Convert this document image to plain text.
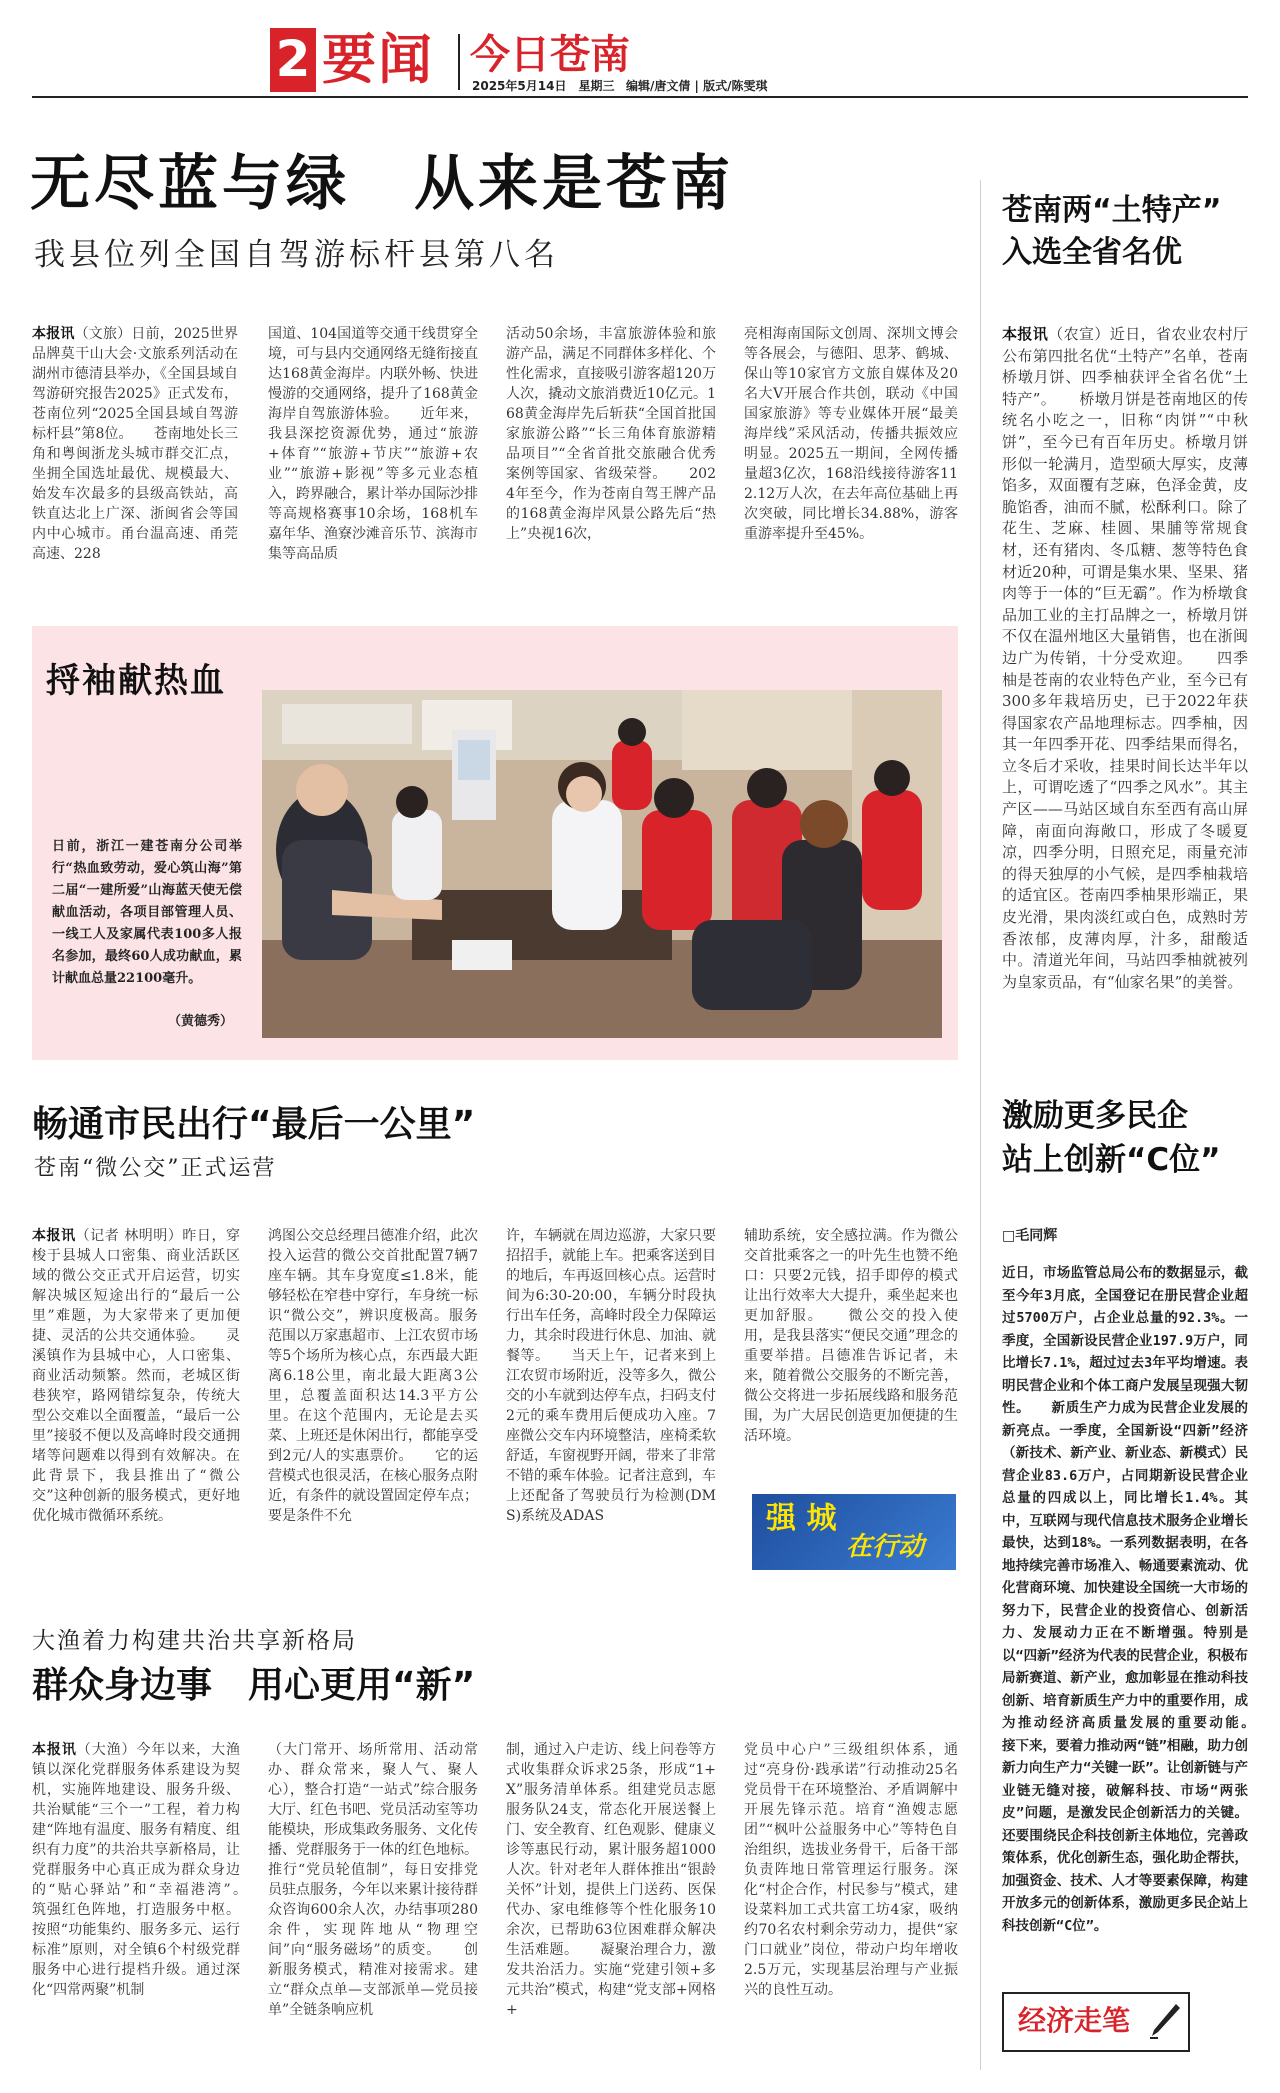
2 要闻 今日苍南
2025年5月14日　星期三 编辑/唐文倩 | 版式/陈雯琪
无尽蓝与绿　从来是苍南
我县位列全国自驾游标杆县第八名
本报讯（文旅）日前，2025世界品牌莫干山大会·文旅系列活动在湖州市德清县举办，《全国县域自驾游研究报告2025》正式发布，苍南位列“2025全国县域自驾游标杆县”第8位。　　苍南地处长三角和粤闽浙龙头城市群交汇点，坐拥全国选址最优、规模最大、始发车次最多的县级高铁站，高铁直达北上广深、浙闽省会等国内中心城市。甬台温高速、甬莞高速、228
国道、104国道等交通干线贯穿全境，可与县内交通网络无缝衔接直达168黄金海岸。内联外畅、快进慢游的交通网络，提升了168黄金海岸自驾旅游体验。　　近年来，我县深挖资源优势，通过“旅游+体育”“旅游+节庆”“旅游+农业”“旅游+影视”等多元业态植入，跨界融合，累计举办国际沙排等高规格赛事10余场，168机车嘉年华、渔寮沙滩音乐节、滨海市集等高品质
活动50余场，丰富旅游体验和旅游产品，满足不同群体多样化、个性化需求，直接吸引游客超120万人次，撬动文旅消费近10亿元。168黄金海岸先后斩获“全国首批国家旅游公路”“长三角体育旅游精品项目”“全省首批交旅融合优秀案例等国家、省级荣誉。　　2024年至今，作为苍南自驾王牌产品的168黄金海岸风景公路先后“热上”央视16次，
亮相海南国际文创周、深圳文博会等各展会，与德阳、思茅、鹤城、保山等10家官方文旅自媒体及20名大V开展合作共创，联动《中国国家旅游》等专业媒体开展“最美海岸线”采风活动，传播共振效应明显。2025五一期间，全网传播量超3亿次，168沿线接待游客112.12万人次，在去年高位基础上再次突破，同比增长34.88%，游客重游率提升至45%。
捋袖献热血
日前，浙江一建苍南分公司举行“热血致劳动，爱心筑山海”第二届“一建所爱”山海蓝天使无偿献血活动，各项目部管理人员、一线工人及家属代表100多人报名参加，最终60人成功献血，累计献血总量22100毫升。
（黄德秀）
苍南两“土特产”
入选全省名优
本报讯（农宣）近日，省农业农村厅公布第四批名优“土特产”名单，苍南桥墩月饼、四季柚获评全省名优“土特产”。　　桥墩月饼是苍南地区的传统名小吃之一，旧称“肉饼”“中秋饼”，至今已有百年历史。桥墩月饼形似一轮满月，造型硕大厚实，皮薄馅多，双面覆有芝麻，色泽金黄，皮脆馅香，油而不腻，松酥利口。除了花生、芝麻、桂圆、果脯等常规食材，还有猪肉、冬瓜糖、葱等特色食材近20种，可谓是集水果、坚果、猪肉等于一体的“巨无霸”。作为桥墩食品加工业的主打品牌之一，桥墩月饼不仅在温州地区大量销售，也在浙闽边广为传销，十分受欢迎。　　四季柚是苍南的农业特色产业，至今已有300多年栽培历史，已于2022年获得国家农产品地理标志。四季柚，因其一年四季开花、四季结果而得名，立冬后才采收，挂果时间长达半年以上，可谓吃透了“四季之风水”。其主产区——马站区域自东至西有高山屏障，南面向海敞口，形成了冬暖夏凉，四季分明，日照充足，雨量充沛的得天独厚的小气候，是四季柚栽培的适宜区。苍南四季柚果形端正，果皮光滑，果肉淡红或白色，成熟时芳香浓郁，皮薄肉厚，汁多，甜酸适中。清道光年间，马站四季柚就被列为皇家贡品，有“仙家名果”的美誉。
畅通市民出行“最后一公里”
苍南“微公交”正式运营
本报讯（记者 林明明）昨日，穿梭于县城人口密集、商业活跃区域的微公交正式开启运营，切实解决城区短途出行的“最后一公里”难题，为大家带来了更加便捷、灵活的公共交通体验。　　灵溪镇作为县城中心，人口密集、商业活动频繁。然而，老城区街巷狭窄，路网错综复杂，传统大型公交难以全面覆盖，“最后一公里”接驳不便以及高峰时段交通拥堵等问题难以得到有效解决。在此背景下，我县推出了“微公交”这种创新的服务模式，更好地优化城市微循环系统。
鸿图公交总经理吕德准介绍，此次投入运营的微公交首批配置7辆7座车辆。其车身宽度≤1.8米，能够轻松在窄巷中穿行，车身统一标识“微公交”，辨识度极高。服务范围以万家惠超市、上江农贸市场等5个场所为核心点，东西最大距离6.18公里，南北最大距离3公里，总覆盖面积达14.3平方公里。在这个范围内，无论是去买菜、上班还是休闲出行，都能享受到2元/人的实惠票价。　　它的运营模式也很灵活，在核心服务点附近，有条件的就设置固定停车点；要是条件不允
许，车辆就在周边巡游，大家只要招招手，就能上车。把乘客送到目的地后，车再返回核心点。运营时间为6:30-20:00，车辆分时段执行出车任务，高峰时段全力保障运力，其余时段进行休息、加油、就餐等。　　当天上午，记者来到上江农贸市场附近，没等多久，微公交的小车就到达停车点，扫码支付2元的乘车费用后便成功入座。7座微公交车内环境整洁，座椅柔软舒适，车窗视野开阔，带来了非常不错的乘车体验。记者注意到，车上还配备了驾驶员行为检测(DMS)系统及ADAS
辅助系统，安全感拉满。作为微公交首批乘客之一的叶先生也赞不绝口：只要2元钱，招手即停的模式让出行效率大大提升，乘坐起来也更加舒服。　　微公交的投入使用，是我县落实“便民交通”理念的重要举措。吕德准告诉记者，未来，随着微公交服务的不断完善，微公交将进一步拓展线路和服务范围，为广大居民创造更加便捷的生活环境。
强 城
在行动
大渔着力构建共治共享新格局
群众身边事　用心更用“新”
本报讯（大渔）今年以来，大渔镇以深化党群服务体系建设为契机，实施阵地建设、服务升级、共治赋能“三个一”工程，着力构建“阵地有温度、服务有精度、组织有力度”的共治共享新格局，让党群服务中心真正成为群众身边的“贴心驿站”和“幸福港湾”。　　筑强红色阵地，打造服务中枢。按照“功能集约、服务多元、运行标准”原则，对全镇6个村级党群服务中心进行提档升级。通过深化“四常两聚”机制
（大门常开、场所常用、活动常办、群众常来，聚人气、聚人心），整合打造“一站式”综合服务大厅、红色书吧、党员活动室等功能模块，形成集政务服务、文化传播、党群服务于一体的红色地标。推行“党员轮值制”，每日安排党员驻点服务，今年以来累计接待群众咨询600余人次，办结事项280余件，实现阵地从“物理空间”向“服务磁场”的质变。　　创新服务模式，精准对接需求。建立“群众点单—支部派单—党员接单”全链条响应机
制，通过入户走访、线上问卷等方式收集群众诉求25条，形成“1+X”服务清单体系。组建党员志愿服务队24支，常态化开展送餐上门、安全教育、红色观影、健康义诊等惠民行动，累计服务超1000人次。针对老年人群体推出“银龄关怀”计划，提供上门送药、医保代办、家电维修等个性化服务10余次，已帮助63位困难群众解决生活难题。　　凝聚治理合力，激发共治活力。实施“党建引领+多元共治”模式，构建“党支部+网格+
党员中心户”三级组织体系，通过“亮身份·践承诺”行动推动25名党员骨干在环境整治、矛盾调解中开展先锋示范。培育“渔嫂志愿团”“枫叶公益服务中心”等特色自治组织，选拔业务骨干，后备干部负责阵地日常管理运行服务。深化“村企合作，村民参与”模式，建设菜料加工式共富工坊4家，吸纳约70名农村剩余劳动力，提供“家门口就业”岗位，带动户均年增收2.5万元，实现基层治理与产业振兴的良性互动。
激励更多民企
站上创新“C位”
□毛同辉
近日，市场监管总局公布的数据显示，截至今年3月底，全国登记在册民营企业超过5700万户，占企业总量的92.3%。一季度，全国新设民营企业197.9万户，同比增长7.1%，超过过去3年平均增速。表明民营企业和个体工商户发展呈现强大韧性。　　新质生产力成为民营企业发展的新亮点。一季度，全国新设“四新”经济（新技术、新产业、新业态、新模式）民营企业83.6万户，占同期新设民营企业总量的四成以上，同比增长1.4%。其中，互联网与现代信息技术服务企业增长最快，达到18%。一系列数据表明，在各地持续完善市场准入、畅通要素流动、优化营商环境、加快建设全国统一大市场的努力下，民营企业的投资信心、创新活力、发展动力正在不断增强。特别是以“四新”经济为代表的民营企业，积极布局新赛道、新产业，愈加彰显在推动科技创新、培育新质生产力中的重要作用，成为推动经济高质量发展的重要动能。　　接下来，要着力推动两“链”相融，助力创新力向生产力“关键一跃”。让创新链与产业链无缝对接，破解科技、市场“两张皮”问题，是激发民企创新活力的关键。还要围绕民企科技创新主体地位，完善政策体系，优化创新生态，强化助企帮扶，加强资金、技术、人才等要素保障，构建开放多元的创新体系，激励更多民企站上科技创新“C位”。
经济走笔
